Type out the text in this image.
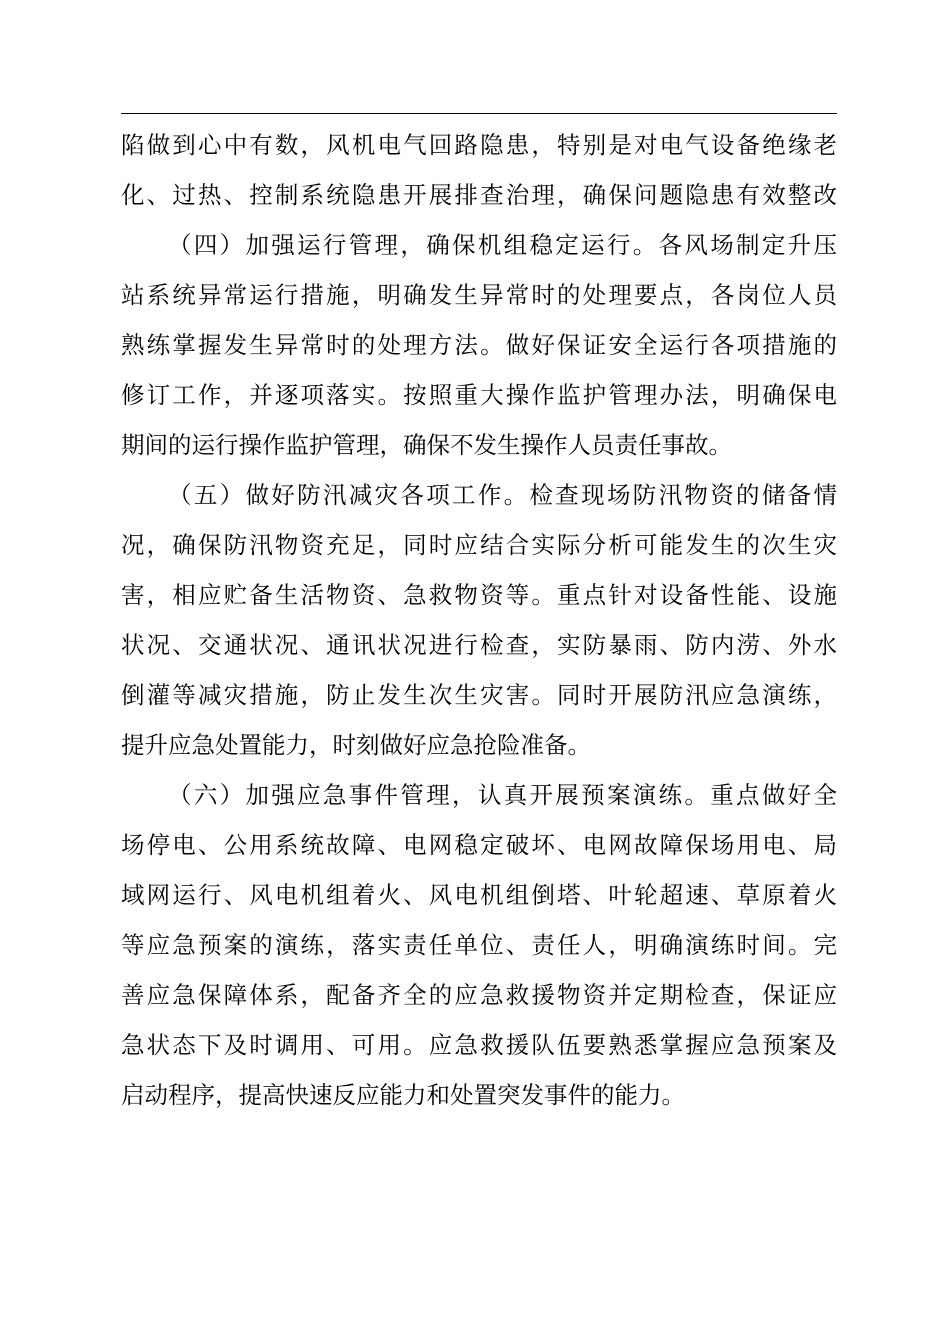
陷做到心中有数，风机电气回路隐患，特别是对电气设备绝缘老
化、过热、控制系统隐患开展排查治理，确保问题隐患有效整改
（四）加强运行管理，确保机组稳定运行。各风场制定升压
站系统异常运行措施，明确发生异常时的处理要点，各岗位人员
熟练掌握发生异常时的处理方法。做好保证安全运行各项措施的
修订工作，并逐项落实。按照重大操作监护管理办法，明确保电
期间的运行操作监护管理，确保不发生操作人员责任事故。
（五）做好防汛减灾各项工作。检查现场防汛物资的储备情
况，确保防汛物资充足，同时应结合实际分析可能发生的次生灾
害，相应贮备生活物资、急救物资等。重点针对设备性能、设施
状况、交通状况、通讯状况进行检查，实防暴雨、防内涝、外水
倒灌等减灾措施，防止发生次生灾害。同时开展防汛应急演练，
提升应急处置能力，时刻做好应急抢险准备。
（六）加强应急事件管理，认真开展预案演练。重点做好全
场停电、公用系统故障、电网稳定破坏、电网故障保场用电、局
域网运行、风电机组着火、风电机组倒塔、叶轮超速、草原着火
等应急预案的演练，落实责任单位、责任人，明确演练时间。完
善应急保障体系，配备齐全的应急救援物资并定期检查，保证应
急状态下及时调用、可用。应急救援队伍要熟悉掌握应急预案及
启动程序，提高快速反应能力和处置突发事件的能力。
